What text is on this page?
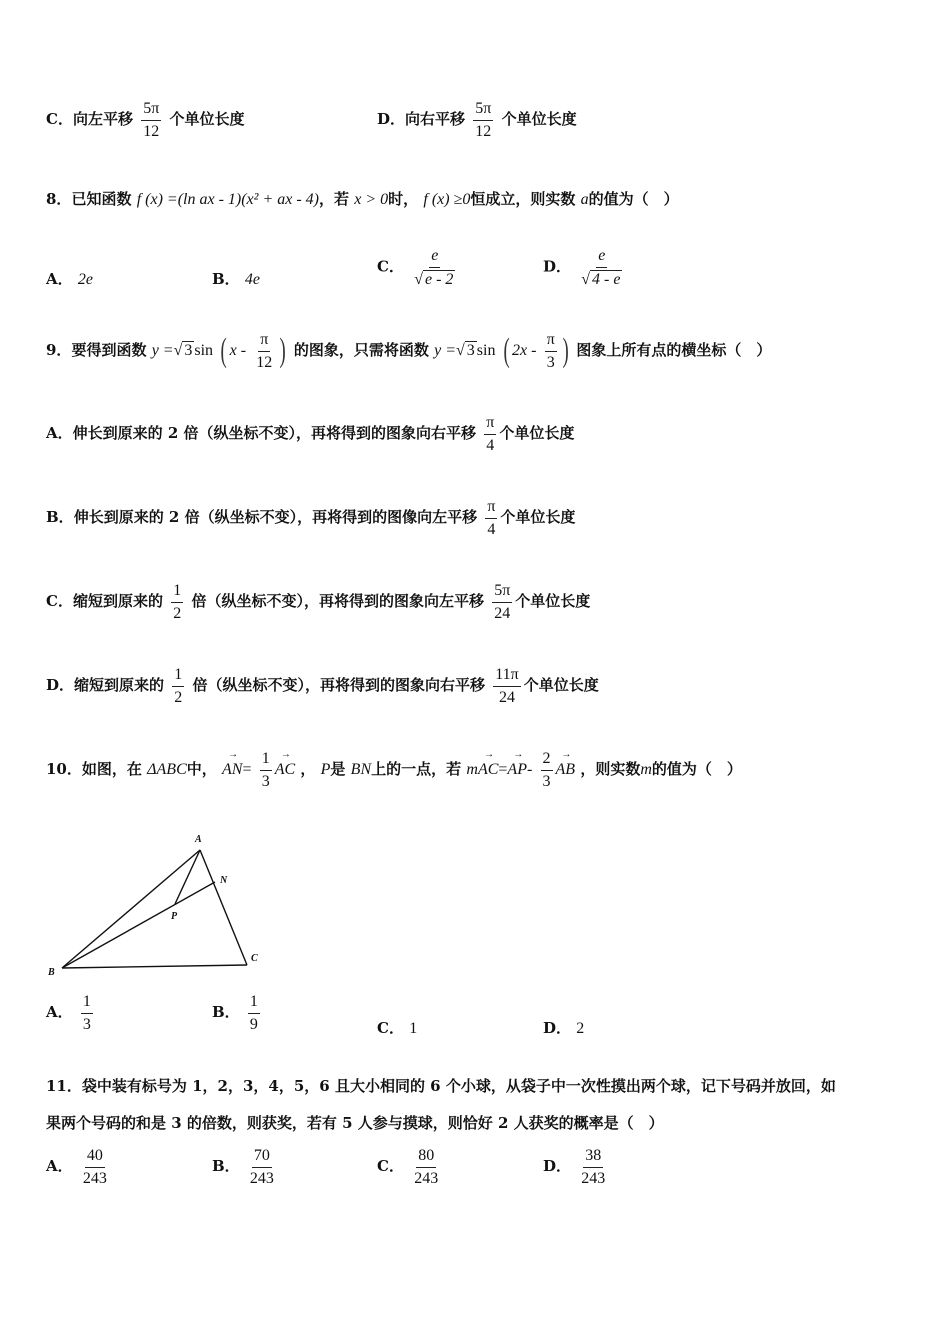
C．向左平移 $\frac{5\pi}{12}$ 个单位长度	D．向右平移 $\frac{5\pi}{12}$ 个单位长度
8．已知函数 f (x) =(ln ax - 1)(x² + ax - 4)，若 x > 0时， f (x) ≥0恒成立，则实数 a的值为（　）
A． 2e	B． 4e
C． $\frac{e}{√ e - 2}$	D． $\frac{e}{√ 4 - e}$
9．要得到函数 y =√ 3 sin ( x - $\frac{\pi}{12}$ ) 的图象，只需将函数 y =√ 3 sin ( $2x - \frac{\pi}{3}$ ) 图象上所有点的横坐标（　）
A．伸长到原来的 2 倍（纵坐标不变），再将得到的图象向右平移 $\frac{\pi}{4}$ 个单位长度
B．伸长到原来的 2 倍（纵坐标不变），再将得到的图像向左平移 $\frac{\pi}{4}$ 个单位长度
C．缩短到原来的 $\frac{1}{2}$ 倍（纵坐标不变），再将得到的图象向左平移 $\frac{5\pi}{24}$ 个单位长度
D．缩短到原来的 $\frac{1}{2}$ 倍（纵坐标不变），再将得到的图象向右平移 $\frac{11\pi}{24}$ 个单位长度
10．如图，在 ΔABC中， → $AN= \frac{1}{3}$ → AC ， P是 BN上的一点，若 $m\to AC=\to AP- \frac{2}{3}$ → AB ，则实数m的值为（　）
A
B
C
N
P
A． $\frac{1}{3}$	B． $\frac{1}{9}$	C． 1	D． 2
11．袋中装有标号为 1，2，3，4，5，6 且大小相同的 6 个小球，从袋子中一次性摸出两个球，记下号码并放回，如
果两个号码的和是 3 的倍数，则获奖，若有 5 人参与摸球，则恰好 2 人获奖的概率是（　）
A． $\frac{40}{243}$	B． $\frac{70}{243}$	C． $\frac{80}{243}$	D． $\frac{38}{243}$
